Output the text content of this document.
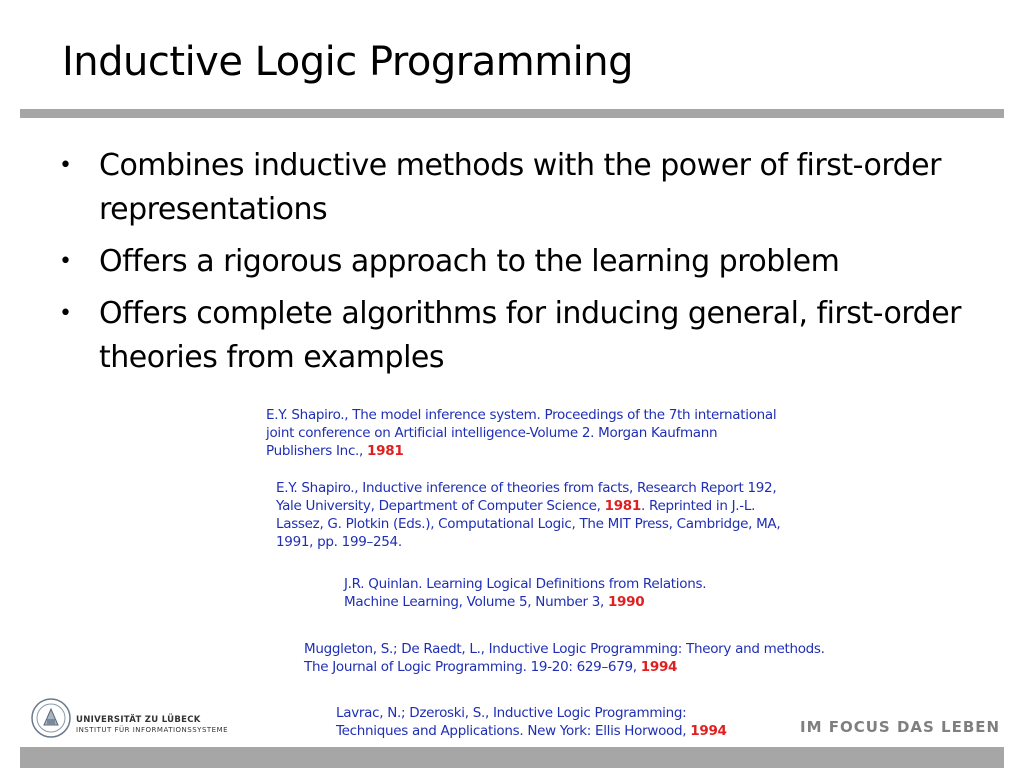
Inductive Logic Programming
• Combines inductive methods with the power of first-order representations
• Offers a rigorous approach to the learning problem
• Offers complete algorithms for inducing general, first-order theories from examples
E.Y. Shapiro., The model inference system. Proceedings of the 7th international
joint conference on Artificial intelligence-Volume 2. Morgan Kaufmann
Publishers Inc., 1981
E.Y. Shapiro., Inductive inference of theories from facts, Research Report 192,
Yale University, Department of Computer Science, 1981. Reprinted in J.-L.
Lassez, G. Plotkin (Eds.), Computational Logic, The MIT Press, Cambridge, MA,
1991, pp. 199–254.
J.R. Quinlan. Learning Logical Definitions from Relations.
Machine Learning, Volume 5, Number 3, 1990
Muggleton, S.; De Raedt, L., Inductive Logic Programming: Theory and methods.
The Journal of Logic Programming. 19-20: 629–679, 1994
Lavrac, N.; Dzeroski, S., Inductive Logic Programming:
Techniques and Applications. New York: Ellis Horwood, 1994
UNIVERSITÄT ZU LÜBECK
INSTITUT FÜR INFORMATIONSSYSTEME	IM FOCUS DAS LEBEN
